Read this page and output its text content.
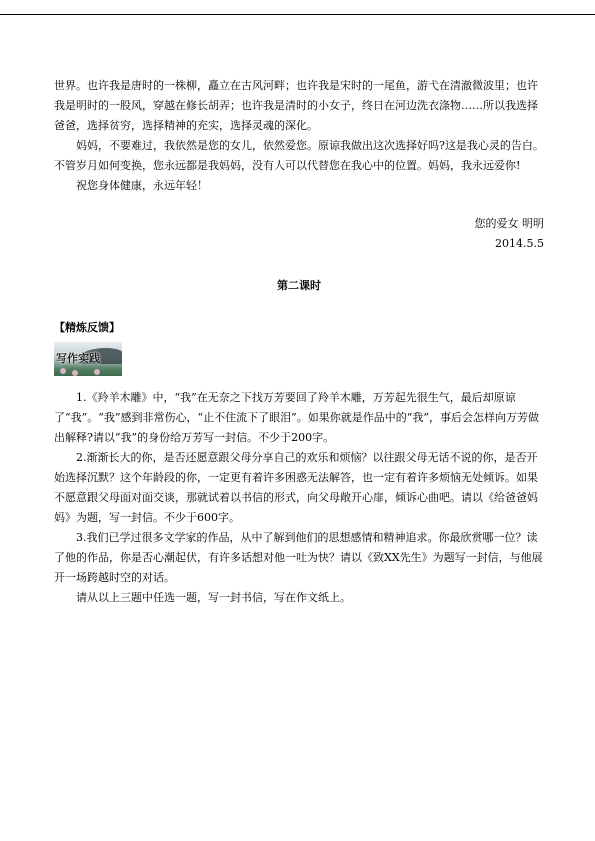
世界。也许我是唐时的一株柳，矗立在古风河畔；也许我是宋时的一尾鱼，游弋在清澈微波里；也许我是明时的一股风，穿越在修长胡弄；也许我是清时的小女子，终日在河边洗衣涤物……所以我选择爸爸，选择贫穷，选择精神的充实，选择灵魂的深化。

妈妈，不要难过，我依然是您的女儿，依然爱您。原谅我做出这次选择好吗?这是我心灵的告白。不管岁月如何变换，您永远都是我妈妈，没有人可以代替您在我心中的位置。妈妈，我永远爱你!

祝您身体健康，永远年轻！

您的爱女 明明

2014.5.5

第二课时
【精炼反馈】
写作实践

1.《羚羊木雕》中，“我”在无奈之下找万芳要回了羚羊木雕，万芳起先很生气，最后却原谅了“我”。“我”感到非常伤心，“止不住流下了眼泪”。如果你就是作品中的“我”，事后会怎样向万芳做出解释?请以“我”的身份给万芳写一封信。不少于200字。

2.渐渐长大的你，是否还愿意跟父母分享自己的欢乐和烦恼？以往跟父母无话不说的你，是否开始选择沉默？这个年龄段的你，一定更有着许多困惑无法解答，也一定有着许多烦恼无处倾诉。如果不愿意跟父母面对面交谈，那就试着以书信的形式，向父母敞开心扉，倾诉心曲吧。请以《给爸爸妈妈》为题，写一封信。不少于600字。

3.我们已学过很多文学家的作品，从中了解到他们的思想感情和精神追求。你最欣赏哪一位？读了他的作品，你是否心潮起伏，有许多话想对他一吐为快？请以《致XX先生》为题写一封信，与他展开一场跨越时空的对话。

请从以上三题中任选一题，写一封书信，写在作文纸上。
